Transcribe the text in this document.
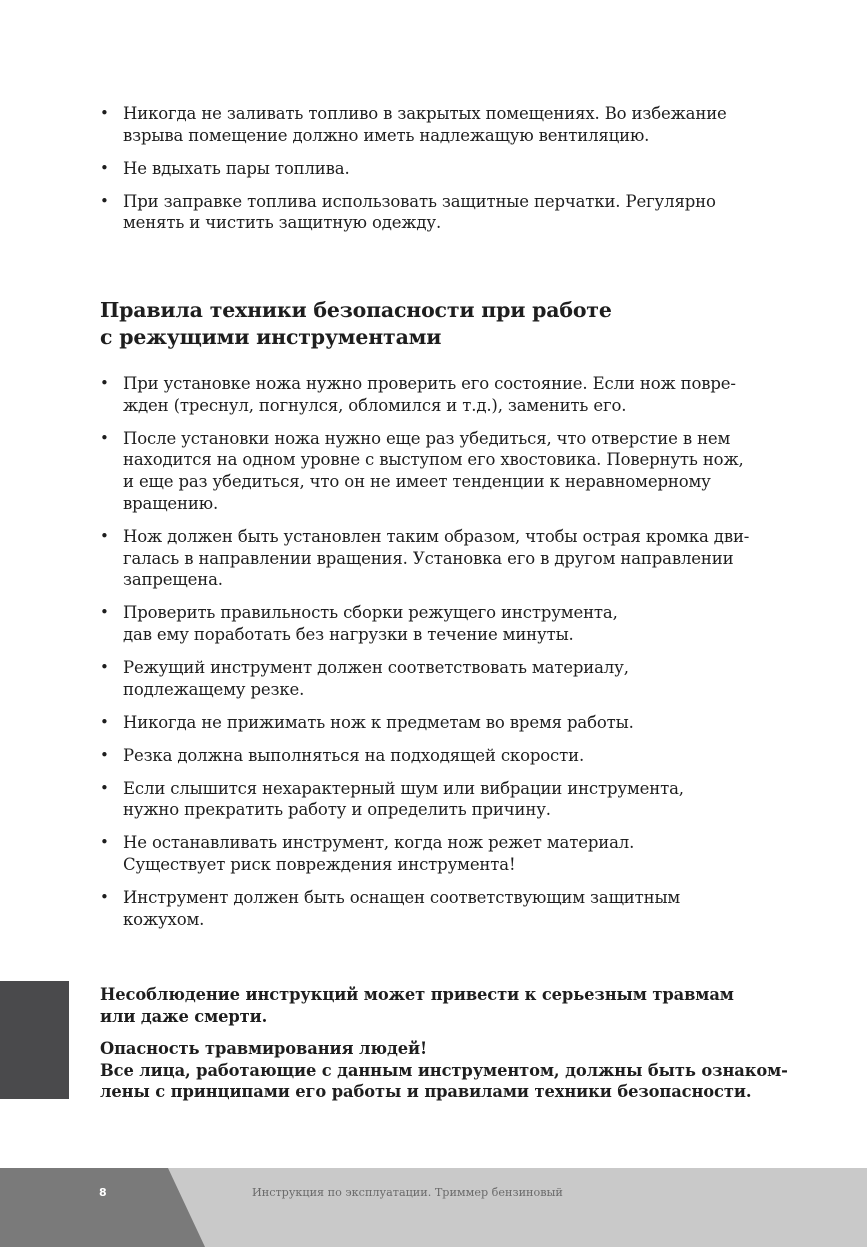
• Никогда не заливать топливо в закрытых помещениях. Во избежание
взрыва помещение должно иметь надлежащую вентиляцию.
• Не вдыхать пары топлива.
• При заправке топлива использовать защитные перчатки. Регулярно
менять и чистить защитную одежду.
Правила техники безопасности при работе
с режущими инструментами
• При установке ножа нужно проверить его состояние. Если нож повре-
жден (треснул, погнулся, обломился и т.д.), заменить его.
• После установки ножа нужно еще раз убедиться, что отверстие в нем
находится на одном уровне с выступом его хвостовика. Повернуть нож,
и еще раз убедиться, что он не имеет тенденции к неравномерному
вращению.
• Нож должен быть установлен таким образом, чтобы острая кромка дви-
галась в направлении вращения. Установка его в другом направлении
запрещена.
• Проверить правильность сборки режущего инструмента,
дав ему поработать без нагрузки в течение минуты.
• Режущий инструмент должен соответствовать материалу,
подлежащему резке.
• Никогда не прижимать нож к предметам во время работы.
• Резка должна выполняться на подходящей скорости.
• Если слышится нехарактерный шум или вибрации инструмента,
нужно прекратить работу и определить причину.
• Не останавливать инструмент, когда нож режет материал.
Существует риск повреждения инструмента!
• Инструмент должен быть оснащен соответствующим защитным
кожухом.

Несоблюдение инструкций может привести к серьезным травмам
или даже смерти.

Опасность травмирования людей!
Все лица, работающие с данным инструментом, должны быть ознаком-
лены с принципами его работы и правилами техники безопасности.

8	Инструкция по эксплуатации. Триммер бензиновый
